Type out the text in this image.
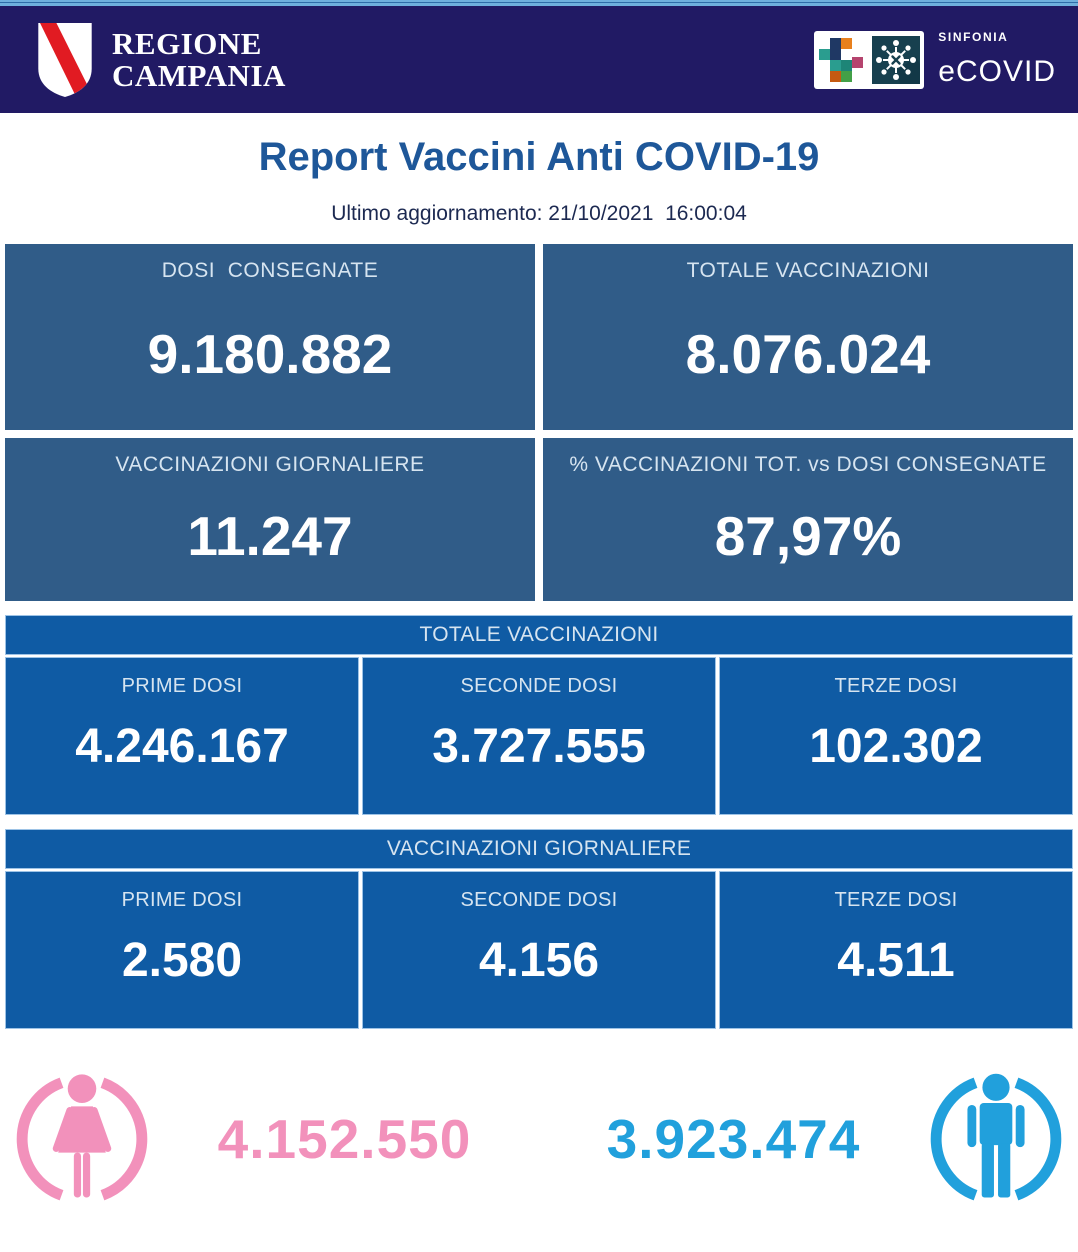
REGIONE
CAMPANIA
SINFONIA
eCOVID
Report Vaccini Anti COVID-19
Ultimo aggiornamento: 21/10/2021  16:00:04
DOSI  CONSEGNATE
9.180.882
TOTALE VACCINAZIONI
8.076.024
VACCINAZIONI GIORNALIERE
11.247
% VACCINAZIONI TOT. vs DOSI CONSEGNATE
87,97%
TOTALE VACCINAZIONI
PRIME DOSI
4.246.167
SECONDE DOSI
3.727.555
TERZE DOSI
102.302
VACCINAZIONI GIORNALIERE
PRIME DOSI
2.580
SECONDE DOSI
4.156
TERZE DOSI
4.511
4.152.550	3.923.474
